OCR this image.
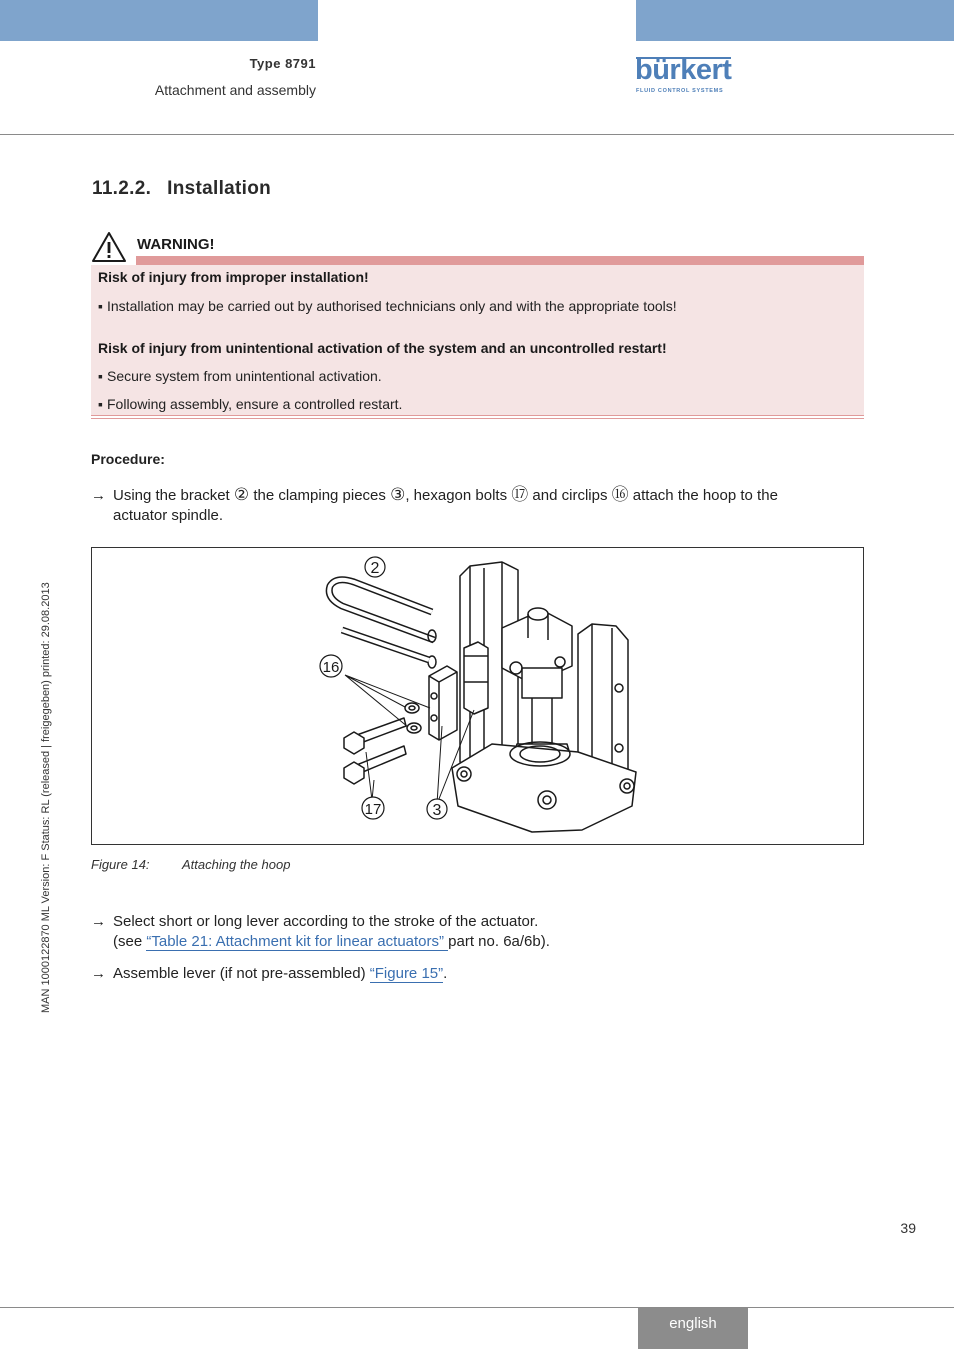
Type 8791
Attachment and assembly
bürkert
FLUID CONTROL SYSTEMS
11.2.2. Installation
WARNING!
Risk of injury from improper installation!
▪ Installation may be carried out by authorised technicians only and with the appropriate tools!
Risk of injury from unintentional activation of the system and an uncontrolled restart!
▪ Secure system from unintentional activation.
▪ Following assembly, ensure a controlled restart.
Procedure:
→ Using the bracket ② the clamping pieces ③, hexagon bolts ⑰ and circlips ⑯ attach the hoop to the
actuator spindle.
2
16
17	3
Figure 14: Attaching the hoop
→ Select short or long lever according to the stroke of the actuator.
(see “Table 21: Attachment kit for linear actuators” part no. 6a/6b).
→ Assemble lever (if not pre-assembled) “Figure 15”.
MAN 1000122870 ML Version: F Status: RL (released | freigegeben) printed: 29.08.2013
39
english
